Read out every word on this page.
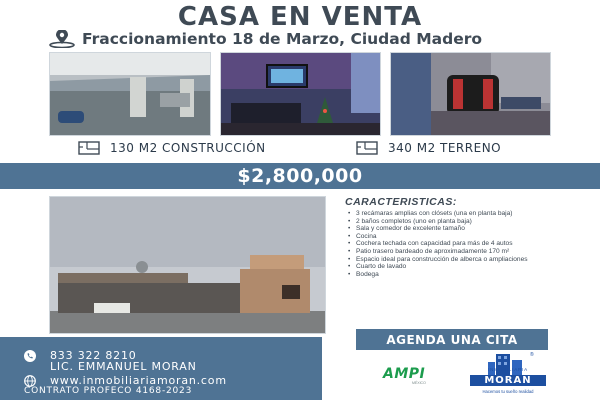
CASA EN VENTA
Fraccionamiento 18 de Marzo, Ciudad Madero
130 M2 CONSTRUCCIÓN	340 M2 TERRENO
$2,800,000
CARACTERISTICAS:
• 3 recámaras amplias con clósets (una en planta baja)
• 2 baños completos (uno en planta baja)
• Sala y comedor de excelente tamaño
• Cocina
• Cochera techada con capacidad para más de 4 autos
• Patio trasero bardeado de aproximadamente 170 m²
• Espacio ideal para construcción de alberca o ampliaciones
• Cuarto de lavado
• Bodega
AGENDA UNA CITA
833 322 8210
LIC. EMMANUEL MORAN
www.inmobiliariamoran.com
CONTRATO PROFECO 4168-2023
AMPI
MÉXICO
INMOBILIARIA
MORAN
Hacemos tu sueño realidad
®
